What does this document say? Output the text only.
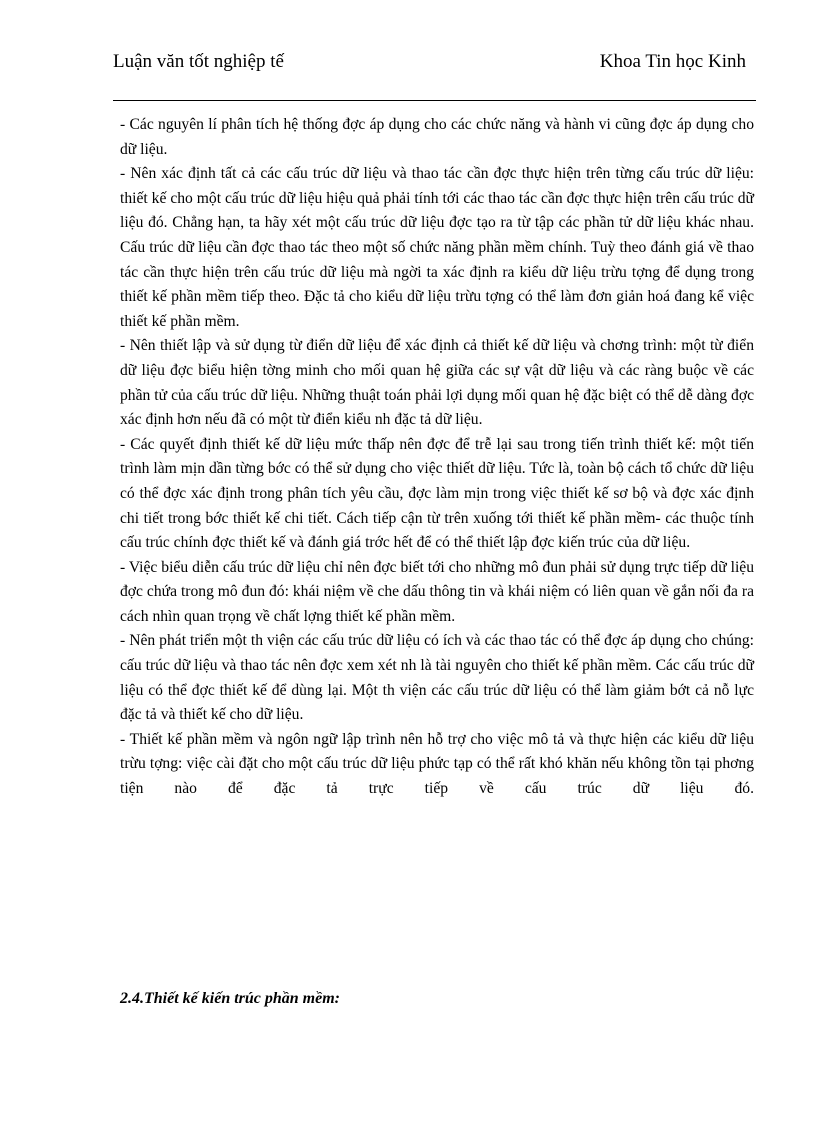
Luận văn tốt nghiệp tế	Khoa Tin học Kinh

- Các nguyên lí phân tích hệ thống đợc áp dụng cho các chức năng và hành vi cũng đợc áp dụng cho dữ liệu.

- Nên xác định tất cả các cấu trúc dữ liệu và thao tác cần đợc thực hiện trên từng cấu trúc dữ liệu: thiết kế cho một cấu trúc dữ liệu hiệu quả phải tính tới các thao tác cần đợc thực hiện trên cấu trúc dữ liệu đó. Chẳng hạn, ta hãy xét một cấu trúc dữ liệu đợc tạo ra từ tập các phần tử dữ liệu khác nhau. Cấu trúc dữ liệu cần đợc thao tác theo một số chức năng phần mềm chính. Tuỳ theo đánh giá về thao tác cần thực hiện trên cấu trúc dữ liệu mà ngời ta xác định ra kiểu dữ liệu trừu tợng để dụng trong thiết kế phần mềm tiếp theo. Đặc tả cho kiểu dữ liệu trừu tợng có thể làm đơn giản hoá đang kể việc thiết kế phần mềm.

- Nên thiết lập và sử dụng từ điển dữ liệu để xác định cả thiết kế dữ liệu và chơng trình: một từ điển dữ liệu đợc biểu hiện tờng minh cho mối quan hệ giữa các sự vật dữ liệu và các ràng buộc về các phần tử của cấu trúc dữ liệu. Những thuật toán phải lợi dụng mối quan hệ đặc biệt có thể dễ dàng đợc xác định hơn nếu đã có một từ điển kiểu nh đặc tả dữ liệu.

- Các quyết định thiết kế dữ liệu mức thấp nên đợc để trễ lại sau trong tiến trình thiết kế: một tiến trình làm mịn dần từng bớc có thể sử dụng cho việc thiết dữ liệu. Tức là, toàn bộ cách tổ chức dữ liệu có thể đợc xác định trong phân tích yêu cầu, đợc làm mịn trong việc thiết kế sơ bộ và đợc xác định chi tiết trong bớc thiết kế chi tiết. Cách tiếp cận từ trên xuống tới thiết kế phần mềm- các thuộc tính cấu trúc chính đợc thiết kế và đánh giá trớc hết để có thể thiết lập đợc kiến trúc của dữ liệu.

- Việc biểu diễn cấu trúc dữ liệu chỉ nên đợc biết tới cho những mô đun phải sử dụng trực tiếp dữ liệu đợc chứa trong mô đun đó: khái niệm về che dấu thông tin và khái niệm có liên quan về gắn nối đa ra cách nhìn quan trọng về chất lợng thiết kế phần mềm.

- Nên phát triển một th viện các cấu trúc dữ liệu có ích và các thao tác có thể đợc áp dụng cho chúng: cấu trúc dữ liệu và thao tác nên đợc xem xét nh là tài nguyên cho thiết kế phần mềm. Các cấu trúc dữ liệu có thể đợc thiết kế để dùng lại. Một th viện các cấu trúc dữ liệu có thể làm giảm bớt cả nỗ lực đặc tả và thiết kế cho dữ liệu.

- Thiết kế phần mềm và ngôn ngữ lập trình nên hỗ trợ cho việc mô tả và thực hiện các kiểu dữ liệu trừu tợng: việc cài đặt cho một cấu trúc dữ liệu phức tạp có thể rất khó khăn nếu không tồn tại phơng tiện nào để đặc tả trực tiếp về cấu trúc dữ liệu đó.

2.4.Thiết kế kiến trúc phần mềm:
